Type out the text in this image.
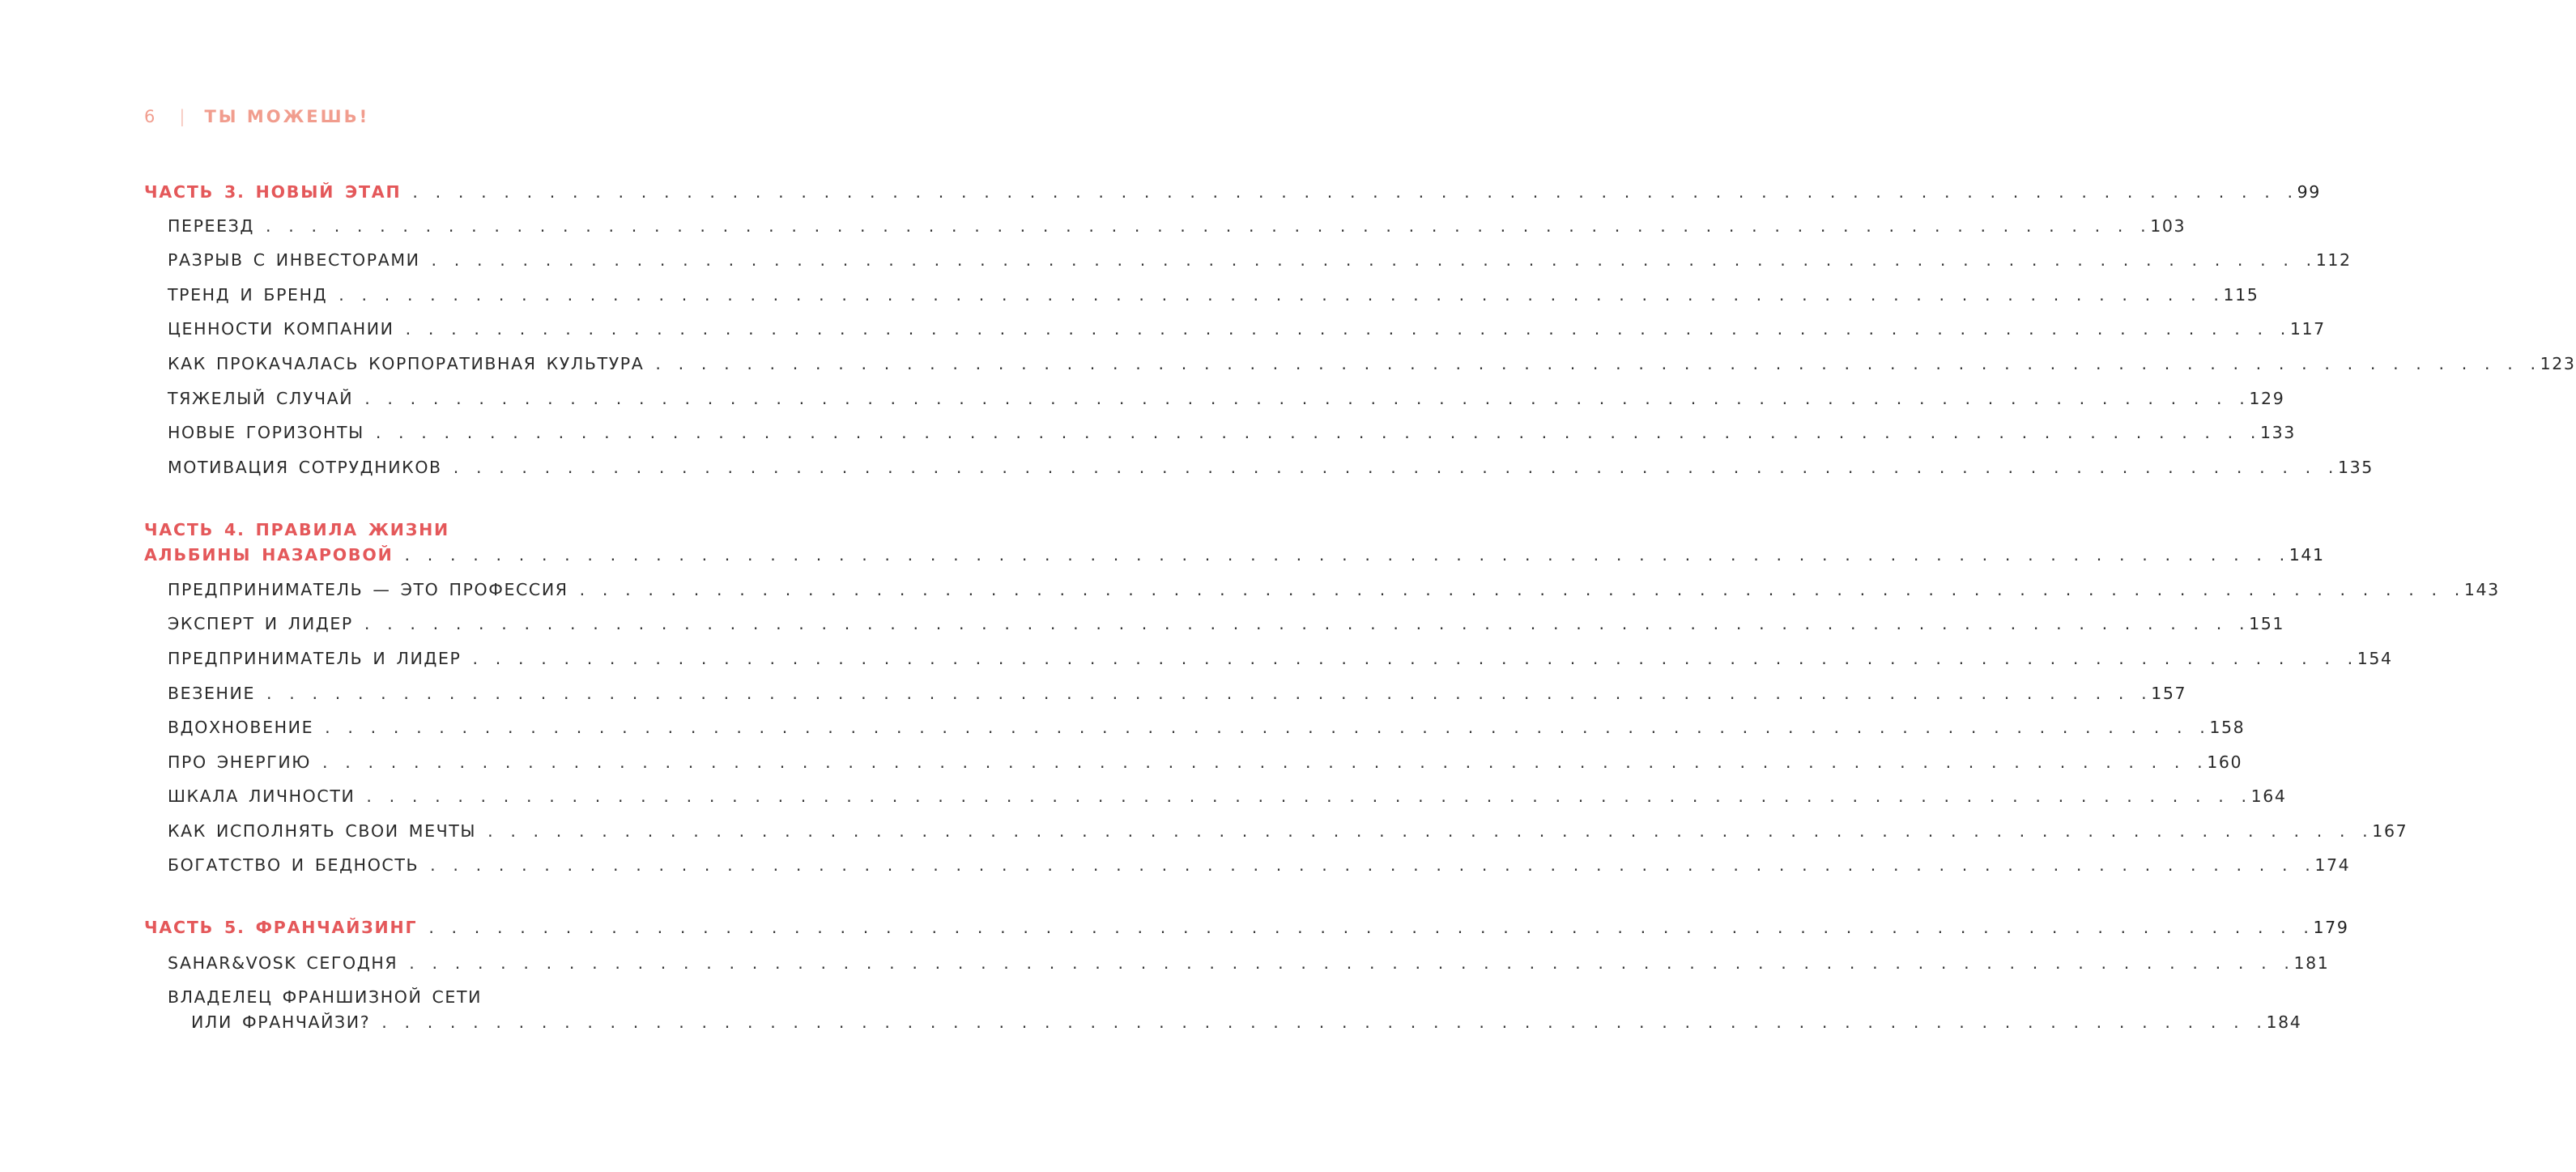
6 | ТЫ МОЖЕШЬ!
ЧАСТЬ 3. НОВЫЙ ЭТАП . . . . . . . . . . . . . . . . . . . . . . . . . . . . . . . . . . . . . . . . . . . . . . . . . . . . . . . . . . . . . . . . . . . . . . . . . . . . . . . . . . . 99
ПЕРЕЕЗД . . . . . . . . . . . . . . . . . . . . . . . . . . . . . . . . . . . . . . . . . . . . . . . . . . . . . . . . . . . . . . . . . . . . . . . . . . . . . . . . . . . 103
РАЗРЫВ С ИНВЕСТОРАМИ . . . . . . . . . . . . . . . . . . . . . . . . . . . . . . . . . . . . . . . . . . . . . . . . . . . . . . . . . . . . . . . . . . . . . . . . . . . . . . . . . . . 112
ТРЕНД И БРЕНД . . . . . . . . . . . . . . . . . . . . . . . . . . . . . . . . . . . . . . . . . . . . . . . . . . . . . . . . . . . . . . . . . . . . . . . . . . . . . . . . . . . 115
ЦЕННОСТИ КОМПАНИИ . . . . . . . . . . . . . . . . . . . . . . . . . . . . . . . . . . . . . . . . . . . . . . . . . . . . . . . . . . . . . . . . . . . . . . . . . . . . . . . . . . . 117
КАК ПРОКАЧАЛАСЬ КОРПОРАТИВНАЯ КУЛЬТУРА . . . . . . . . . . . . . . . . . . . . . . . . . . . . . . . . . . . . . . . . . . . . . . . . . . . . . . . . . . . . . . . . . . . . . . . . . . . . . . . . . . . 123
ТЯЖЕЛЫЙ СЛУЧАЙ . . . . . . . . . . . . . . . . . . . . . . . . . . . . . . . . . . . . . . . . . . . . . . . . . . . . . . . . . . . . . . . . . . . . . . . . . . . . . . . . . . . 129
НОВЫЕ ГОРИЗОНТЫ . . . . . . . . . . . . . . . . . . . . . . . . . . . . . . . . . . . . . . . . . . . . . . . . . . . . . . . . . . . . . . . . . . . . . . . . . . . . . . . . . . . 133
МОТИВАЦИЯ СОТРУДНИКОВ . . . . . . . . . . . . . . . . . . . . . . . . . . . . . . . . . . . . . . . . . . . . . . . . . . . . . . . . . . . . . . . . . . . . . . . . . . . . . . . . . . . 135
ЧАСТЬ 4. ПРАВИЛА ЖИЗНИ
АЛЬБИНЫ НАЗАРОВОЙ . . . . . . . . . . . . . . . . . . . . . . . . . . . . . . . . . . . . . . . . . . . . . . . . . . . . . . . . . . . . . . . . . . . . . . . . . . . . . . . . . . . 141
ПРЕДПРИНИМАТЕЛЬ — ЭТО ПРОФЕССИЯ . . . . . . . . . . . . . . . . . . . . . . . . . . . . . . . . . . . . . . . . . . . . . . . . . . . . . . . . . . . . . . . . . . . . . . . . . . . . . . . . . . . 143
ЭКСПЕРТ И ЛИДЕР . . . . . . . . . . . . . . . . . . . . . . . . . . . . . . . . . . . . . . . . . . . . . . . . . . . . . . . . . . . . . . . . . . . . . . . . . . . . . . . . . . . 151
ПРЕДПРИНИМАТЕЛЬ И ЛИДЕР . . . . . . . . . . . . . . . . . . . . . . . . . . . . . . . . . . . . . . . . . . . . . . . . . . . . . . . . . . . . . . . . . . . . . . . . . . . . . . . . . . . 154
ВЕЗЕНИЕ . . . . . . . . . . . . . . . . . . . . . . . . . . . . . . . . . . . . . . . . . . . . . . . . . . . . . . . . . . . . . . . . . . . . . . . . . . . . . . . . . . . 157
ВДОХНОВЕНИЕ . . . . . . . . . . . . . . . . . . . . . . . . . . . . . . . . . . . . . . . . . . . . . . . . . . . . . . . . . . . . . . . . . . . . . . . . . . . . . . . . . . . 158
ПРО ЭНЕРГИЮ . . . . . . . . . . . . . . . . . . . . . . . . . . . . . . . . . . . . . . . . . . . . . . . . . . . . . . . . . . . . . . . . . . . . . . . . . . . . . . . . . . . 160
ШКАЛА ЛИЧНОСТИ . . . . . . . . . . . . . . . . . . . . . . . . . . . . . . . . . . . . . . . . . . . . . . . . . . . . . . . . . . . . . . . . . . . . . . . . . . . . . . . . . . . 164
КАК ИСПОЛНЯТЬ СВОИ МЕЧТЫ . . . . . . . . . . . . . . . . . . . . . . . . . . . . . . . . . . . . . . . . . . . . . . . . . . . . . . . . . . . . . . . . . . . . . . . . . . . . . . . . . . . 167
БОГАТСТВО И БЕДНОСТЬ . . . . . . . . . . . . . . . . . . . . . . . . . . . . . . . . . . . . . . . . . . . . . . . . . . . . . . . . . . . . . . . . . . . . . . . . . . . . . . . . . . . 174
ЧАСТЬ 5. ФРАНЧАЙЗИНГ . . . . . . . . . . . . . . . . . . . . . . . . . . . . . . . . . . . . . . . . . . . . . . . . . . . . . . . . . . . . . . . . . . . . . . . . . . . . . . . . . . . 179
SAHAR&VOSK СЕГОДНЯ . . . . . . . . . . . . . . . . . . . . . . . . . . . . . . . . . . . . . . . . . . . . . . . . . . . . . . . . . . . . . . . . . . . . . . . . . . . . . . . . . . . 181
ВЛАДЕЛЕЦ ФРАНШИЗНОЙ СЕТИ
ИЛИ ФРАНЧАЙЗИ? . . . . . . . . . . . . . . . . . . . . . . . . . . . . . . . . . . . . . . . . . . . . . . . . . . . . . . . . . . . . . . . . . . . . . . . . . . . . . . . . . . . 184
